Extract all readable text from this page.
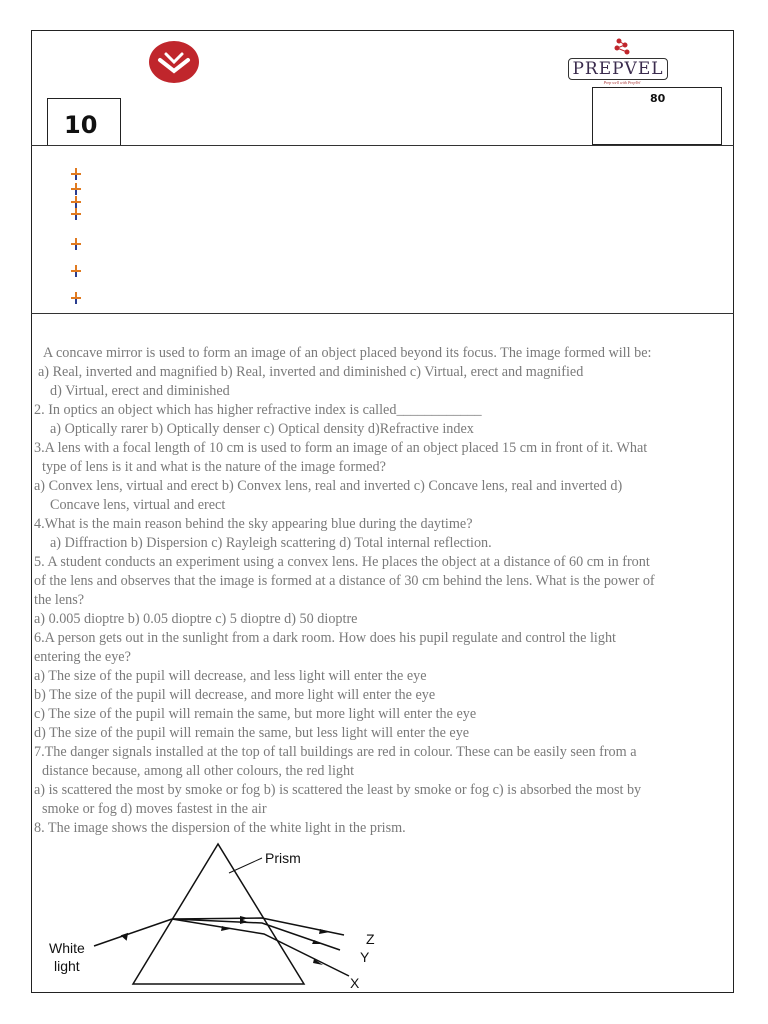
PREPVEL
Prep well with PrepVel
10
80
A concave mirror is used to form an image of an object placed beyond its focus. The image formed will be:
a) Real, inverted and magnified b) Real, inverted and diminished c) Virtual, erect and magnified
d) Virtual, erect and diminished
2. In optics an object which has higher refractive index is called____________
a) Optically rarer b) Optically denser c) Optical density d)Refractive index
3.A lens with a focal length of 10 cm is used to form an image of an object placed 15 cm in front of it. What
type of lens is it and what is the nature of the image formed?
a) Convex lens, virtual and erect b) Convex lens, real and inverted c) Concave lens, real and inverted d)
Concave lens, virtual and erect
4.What is the main reason behind the sky appearing blue during the daytime?
a) Diffraction b) Dispersion c) Rayleigh scattering d) Total internal reflection.
5. A student conducts an experiment using a convex lens. He places the object at a distance of 60 cm in front
of the lens and observes that the image is formed at a distance of 30 cm behind the lens. What is the power of
the lens?
a) 0.005 dioptre b) 0.05 dioptre c) 5 dioptre d) 50 dioptre
6.A person gets out in the sunlight from a dark room. How does his pupil regulate and control the light
entering the eye?
a) The size of the pupil will decrease, and less light will enter the eye
b) The size of the pupil will decrease, and more light will enter the eye
c) The size of the pupil will remain the same, but more light will enter the eye
d) The size of the pupil will remain the same, but less light will enter the eye
7.The danger signals installed at the top of tall buildings are red in colour. These can be easily seen from a
distance because, among all other colours, the red light
a) is scattered the most by smoke or fog b) is scattered the least by smoke or fog c) is absorbed the most by
smoke or fog d) moves fastest in the air
8. The image shows the dispersion of the white light in the prism.
Prism
White
light
Z
Y
X
